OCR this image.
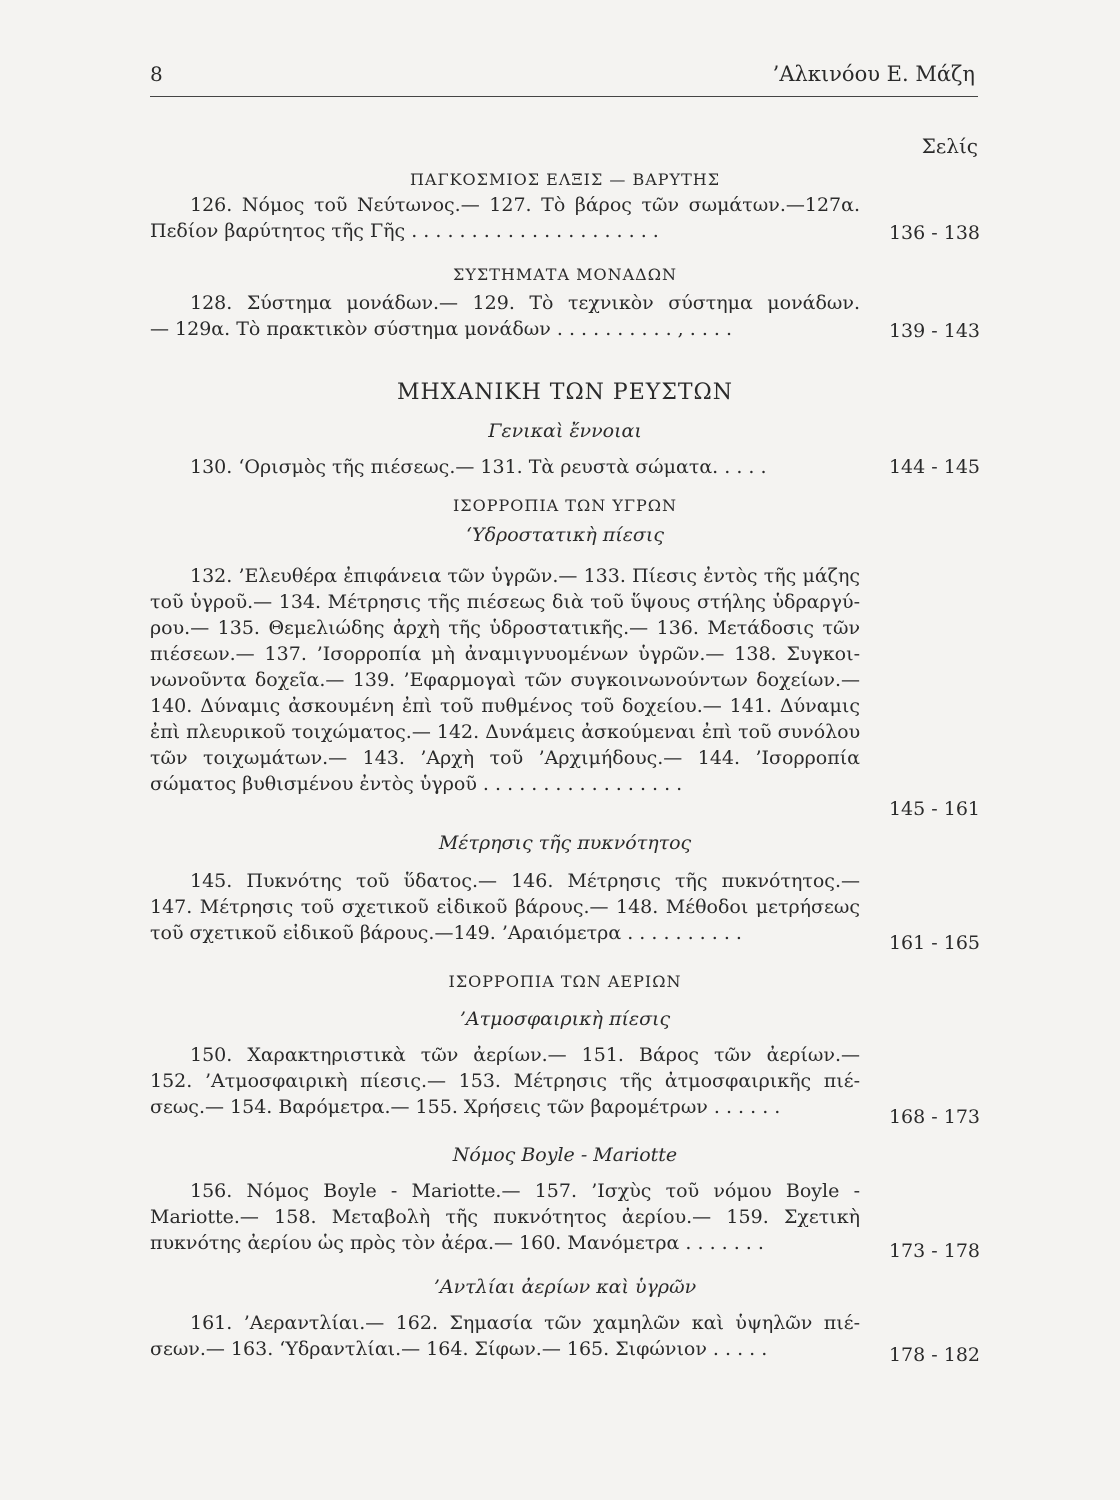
8	’Αλκινόου Ε. Μάζη
Σελίς
ΠΑΓΚΟΣΜΙΟΣ ΕΛΞΙΣ — ΒΑΡΥΤΗΣ
126. Νόμος τοῦ Νεύτωνος.— 127. Τὸ βάρος τῶν σωμάτων.—127α.
Πεδίον βαρύτητος τῆς Γῆς . . . . . . . . . . . . . . . . . . . . .	136 - 138
ΣΥΣΤΗΜΑΤΑ ΜΟΝΑΔΩΝ
128. Σύστημα μονάδων.— 129. Τὸ τεχνικὸν σύστημα μονάδων.
— 129α. Τὸ πρακτικὸν σύστημα μονάδων . . . . . . . . . . , . . . .	139 - 143
ΜΗΧΑΝΙΚΗ ΤΩΝ ΡΕΥΣΤΩΝ
Γενικαὶ ἔννοιαι
130. ‘Ορισμὸς τῆς πιέσεως.— 131. Τὰ ρευστὰ σώματα. . . . .	144 - 145
ΙΣΟΡΡΟΠΙΑ ΤΩΝ ΥΓΡΩΝ
‘Υδροστατικὴ πίεσις
132. ’Ελευθέρα ἐπιφάνεια τῶν ὑγρῶν.— 133. Πίεσις ἐντὸς τῆς μάζης
τοῦ ὑγροῦ.— 134. Μέτρησις τῆς πιέσεως διὰ τοῦ ὕψους στήλης ὑδραργύ-
ρου.— 135. Θεμελιώδης ἀρχὴ τῆς ὑδροστατικῆς.— 136. Μετάδοσις τῶν
πιέσεων.— 137. ’Ισορροπία μὴ ἀναμιγνυομένων ὑγρῶν.— 138. Συγκοι-
νωνοῦντα δοχεῖα.— 139. ’Εφαρμογαὶ τῶν συγκοινωνούντων δοχείων.—
140. Δύναμις ἀσκουμένη ἐπὶ τοῦ πυθμένος τοῦ δοχείου.— 141. Δύναμις
ἐπὶ πλευρικοῦ τοιχώματος.— 142. Δυνάμεις ἀσκούμεναι ἐπὶ τοῦ συνόλου
τῶν τοιχωμάτων.— 143. ’Αρχὴ τοῦ ’Αρχιμήδους.— 144. ’Ισορροπία
σώματος βυθισμένου ἐντὸς ὑγροῦ . . . . . . . . . . . . . . . . .
145 - 161
Μέτρησις τῆς πυκνότητος
145. Πυκνότης τοῦ ὕδατος.— 146. Μέτρησις τῆς πυκνότητος.—
147. Μέτρησις τοῦ σχετικοῦ εἰδικοῦ βάρους.— 148. Μέθοδοι μετρήσεως
τοῦ σχετικοῦ εἰδικοῦ βάρους.—149. ’Αραιόμετρα . . . . . . . . . .	161 - 165
ΙΣΟΡΡΟΠΙΑ ΤΩΝ ΑΕΡΙΩΝ
’Ατμοσφαιρικὴ πίεσις
150. Χαρακτηριστικὰ τῶν ἀερίων.— 151. Βάρος τῶν ἀερίων.—
152. ’Ατμοσφαιρικὴ πίεσις.— 153. Μέτρησις τῆς ἀτμοσφαιρικῆς πιέ-
σεως.— 154. Βαρόμετρα.— 155. Χρήσεις τῶν βαρομέτρων . . . . . .	168 - 173
Νόμος Boyle - Mariotte
156. Νόμος Boyle - Mariotte.— 157. ’Ισχὺς τοῦ νόμου Boyle -
Mariotte.— 158. Μεταβολὴ τῆς πυκνότητος ἀερίου.— 159. Σχετικὴ
πυκνότης ἀερίου ὡς πρὸς τὸν ἀέρα.— 160. Μανόμετρα . . . . . . .	173 - 178
’Αντλίαι ἀερίων καὶ ὑγρῶν
161. ’Αεραντλίαι.— 162. Σημασία τῶν χαμηλῶν καὶ ὑψηλῶν πιέ-
σεων.— 163. ‘Υδραντλίαι.— 164. Σίφων.— 165. Σιφώνιον . . . . .	178 - 182
